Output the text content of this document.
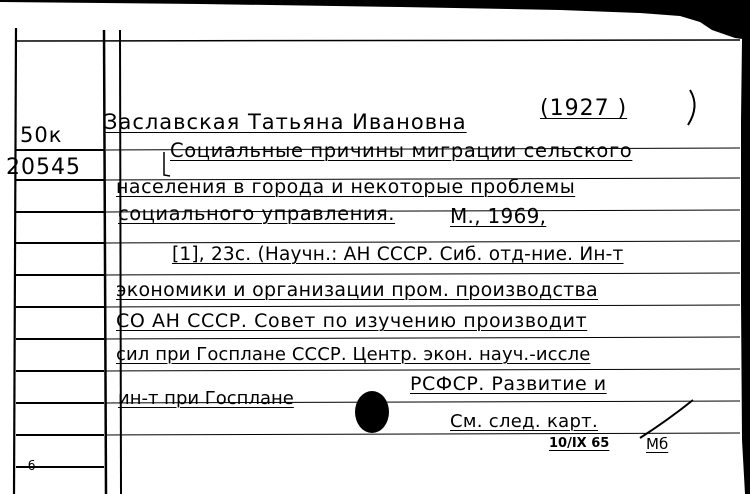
50к
20545
Заславская Татьяна Ивановна
(1927 )
Социальные причины миграции сельского
населения в города и некоторые проблемы
социального управления.	М., 1969,
[1], 23с. (Научн.: АН СССР. Сиб. отд-ние. Ин-т
экономики и организации пром. производства
СО АН СССР. Совет по изучению производит
сил при Госплане СССР. Центр. экон. науч.-иссле
ин-т при Госплане
РСФСР. Развитие и
См. след. карт.
10/IX 65 Мб
б
